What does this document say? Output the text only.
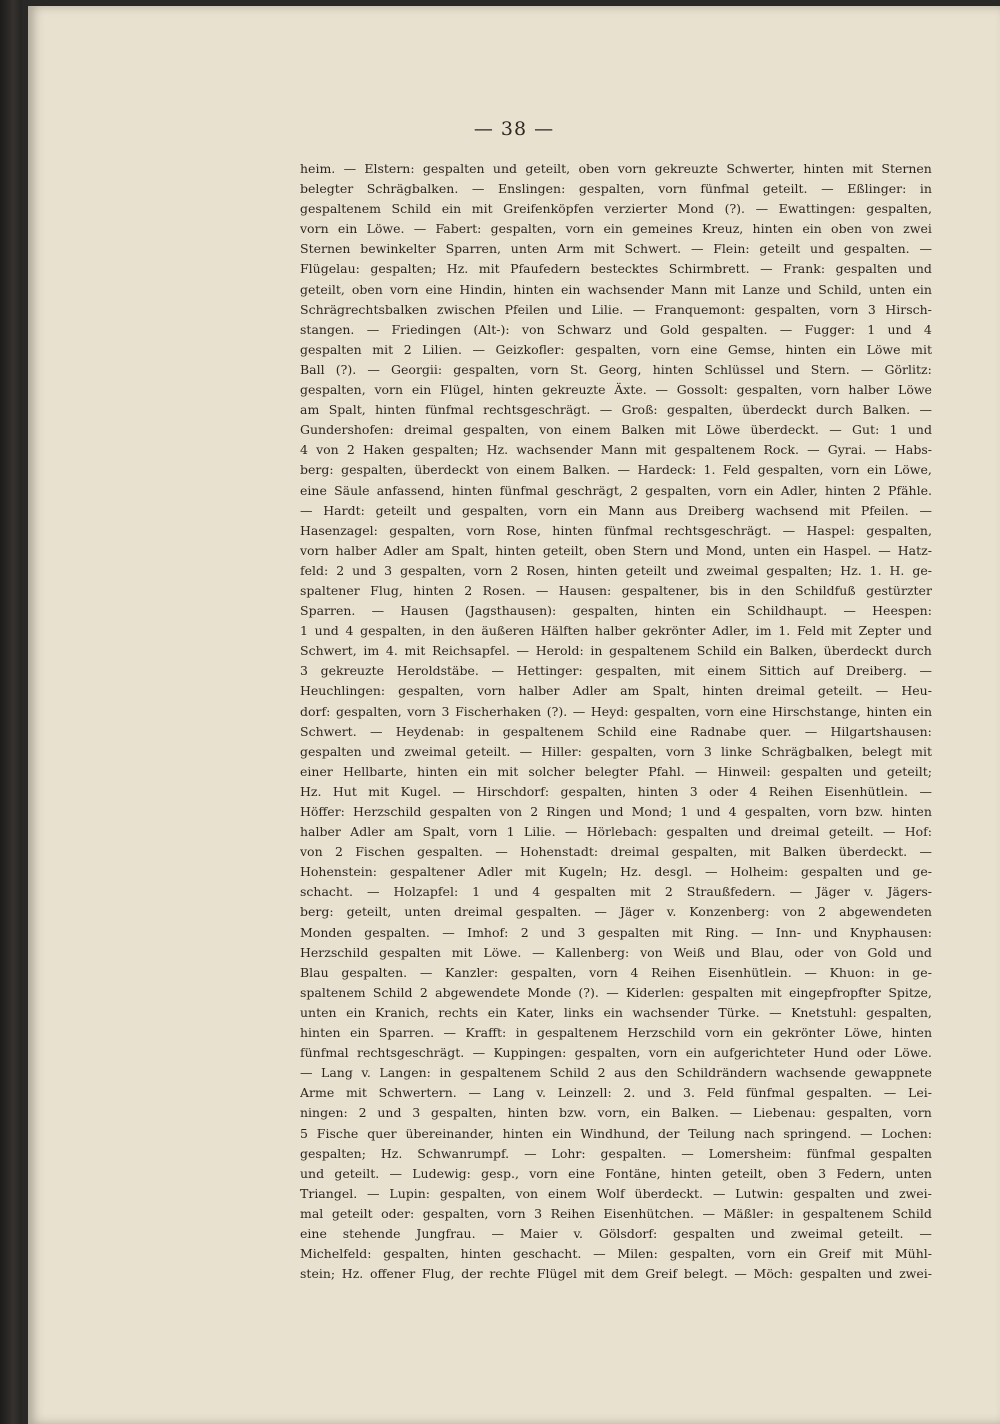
— 38 —
heim. — Elstern: gespalten und geteilt, oben vorn gekreuzte Schwerter, hinten mit Sternen
belegter Schrägbalken. — Enslingen: gespalten, vorn fünfmal geteilt. — Eßlinger: in
gespaltenem Schild ein mit Greifenköpfen verzierter Mond (?). — Ewattingen: gespalten,
vorn ein Löwe. — Fabert: gespalten, vorn ein gemeines Kreuz, hinten ein oben von zwei
Sternen bewinkelter Sparren, unten Arm mit Schwert. — Flein: geteilt und gespalten. —
Flügelau: gespalten; Hz. mit Pfaufedern bestecktes Schirmbrett. — Frank: gespalten und
geteilt, oben vorn eine Hindin, hinten ein wachsender Mann mit Lanze und Schild, unten ein
Schrägrechtsbalken zwischen Pfeilen und Lilie. — Franquemont: gespalten, vorn 3 Hirsch-
stangen. — Friedingen (Alt-): von Schwarz und Gold gespalten. — Fugger: 1 und 4
gespalten mit 2 Lilien. — Geizkofler: gespalten, vorn eine Gemse, hinten ein Löwe mit
Ball (?). — Georgii: gespalten, vorn St. Georg, hinten Schlüssel und Stern. — Görlitz:
gespalten, vorn ein Flügel, hinten gekreuzte Äxte. — Gossolt: gespalten, vorn halber Löwe
am Spalt, hinten fünfmal rechtsgeschrägt. — Groß: gespalten, überdeckt durch Balken. —
Gundershofen: dreimal gespalten, von einem Balken mit Löwe überdeckt. — Gut: 1 und
4 von 2 Haken gespalten; Hz. wachsender Mann mit gespaltenem Rock. — Gyrai. — Habs-
berg: gespalten, überdeckt von einem Balken. — Hardeck: 1. Feld gespalten, vorn ein Löwe,
eine Säule anfassend, hinten fünfmal geschrägt, 2 gespalten, vorn ein Adler, hinten 2 Pfähle.
— Hardt: geteilt und gespalten, vorn ein Mann aus Dreiberg wachsend mit Pfeilen. —
Hasenzagel: gespalten, vorn Rose, hinten fünfmal rechtsgeschrägt. — Haspel: gespalten,
vorn halber Adler am Spalt, hinten geteilt, oben Stern und Mond, unten ein Haspel. — Hatz-
feld: 2 und 3 gespalten, vorn 2 Rosen, hinten geteilt und zweimal gespalten; Hz. 1. H. ge-
spaltener Flug, hinten 2 Rosen. — Hausen: gespaltener, bis in den Schildfuß gestürzter
Sparren. — Hausen (Jagsthausen): gespalten, hinten ein Schildhaupt. — Heespen:
1 und 4 gespalten, in den äußeren Hälften halber gekrönter Adler, im 1. Feld mit Zepter und
Schwert, im 4. mit Reichsapfel. — Herold: in gespaltenem Schild ein Balken, überdeckt durch
3 gekreuzte Heroldstäbe. — Hettinger: gespalten, mit einem Sittich auf Dreiberg. —
Heuchlingen: gespalten, vorn halber Adler am Spalt, hinten dreimal geteilt. — Heu-
dorf: gespalten, vorn 3 Fischerhaken (?). — Heyd: gespalten, vorn eine Hirschstange, hinten ein
Schwert. — Heydenab: in gespaltenem Schild eine Radnabe quer. — Hilgartshausen:
gespalten und zweimal geteilt. — Hiller: gespalten, vorn 3 linke Schrägbalken, belegt mit
einer Hellbarte, hinten ein mit solcher belegter Pfahl. — Hinweil: gespalten und geteilt;
Hz. Hut mit Kugel. — Hirschdorf: gespalten, hinten 3 oder 4 Reihen Eisenhütlein. —
Höffer: Herzschild gespalten von 2 Ringen und Mond; 1 und 4 gespalten, vorn bzw. hinten
halber Adler am Spalt, vorn 1 Lilie. — Hörlebach: gespalten und dreimal geteilt. — Hof:
von 2 Fischen gespalten. — Hohenstadt: dreimal gespalten, mit Balken überdeckt. —
Hohenstein: gespaltener Adler mit Kugeln; Hz. desgl. — Holheim: gespalten und ge-
schacht. — Holzapfel: 1 und 4 gespalten mit 2 Straußfedern. — Jäger v. Jägers-
berg: geteilt, unten dreimal gespalten. — Jäger v. Konzenberg: von 2 abgewendeten
Monden gespalten. — Imhof: 2 und 3 gespalten mit Ring. — Inn- und Knyphausen:
Herzschild gespalten mit Löwe. — Kallenberg: von Weiß und Blau, oder von Gold und
Blau gespalten. — Kanzler: gespalten, vorn 4 Reihen Eisenhütlein. — Khuon: in ge-
spaltenem Schild 2 abgewendete Monde (?). — Kiderlen: gespalten mit eingepfropfter Spitze,
unten ein Kranich, rechts ein Kater, links ein wachsender Türke. — Knetstuhl: gespalten,
hinten ein Sparren. — Krafft: in gespaltenem Herzschild vorn ein gekrönter Löwe, hinten
fünfmal rechtsgeschrägt. — Kuppingen: gespalten, vorn ein aufgerichteter Hund oder Löwe.
— Lang v. Langen: in gespaltenem Schild 2 aus den Schildrändern wachsende gewappnete
Arme mit Schwertern. — Lang v. Leinzell: 2. und 3. Feld fünfmal gespalten. — Lei-
ningen: 2 und 3 gespalten, hinten bzw. vorn, ein Balken. — Liebenau: gespalten, vorn
5 Fische quer übereinander, hinten ein Windhund, der Teilung nach springend. — Lochen:
gespalten; Hz. Schwanrumpf. — Lohr: gespalten. — Lomersheim: fünfmal gespalten
und geteilt. — Ludewig: gesp., vorn eine Fontäne, hinten geteilt, oben 3 Federn, unten
Triangel. — Lupin: gespalten, von einem Wolf überdeckt. — Lutwin: gespalten und zwei-
mal geteilt oder: gespalten, vorn 3 Reihen Eisenhütchen. — Mäßler: in gespaltenem Schild
eine stehende Jungfrau. — Maier v. Gölsdorf: gespalten und zweimal geteilt. —
Michelfeld: gespalten, hinten geschacht. — Milen: gespalten, vorn ein Greif mit Mühl-
stein; Hz. offener Flug, der rechte Flügel mit dem Greif belegt. — Möch: gespalten und zwei-
